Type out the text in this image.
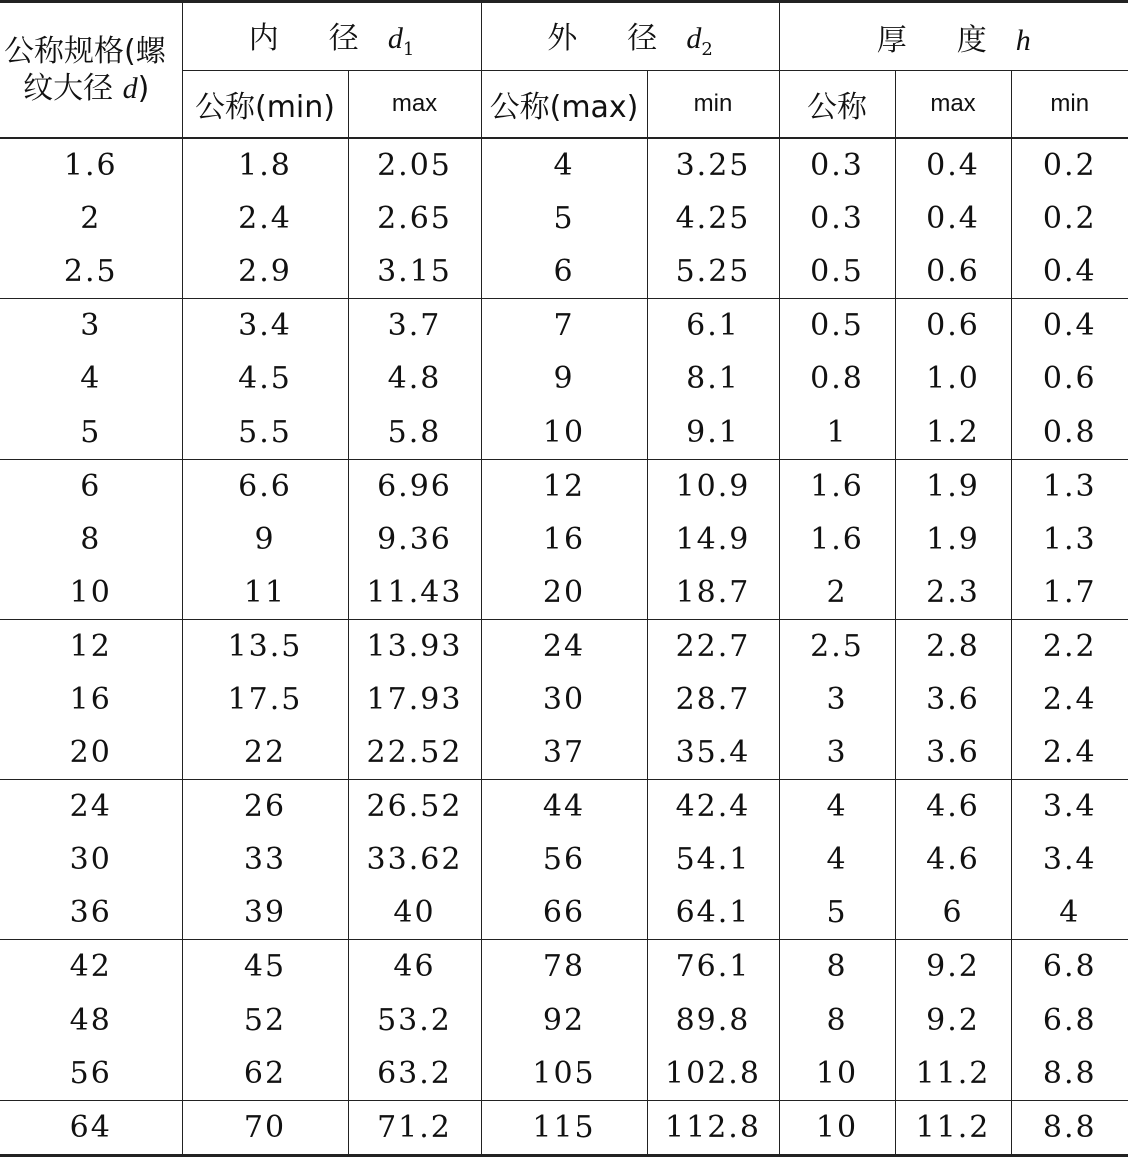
公称规格(螺
纹大径 d)	内　径 $d_1$		外　径 $d_2$		厚　度 h		
	公称(min)	max	公称(max)	min	公称	max	min
1.6	1.8	2.05	4	3.25	0.3	0.4	0.2
2	2.4	2.65	5	4.25	0.3	0.4	0.2
2.5	2.9	3.15	6	5.25	0.5	0.6	0.4
3	3.4	3.7	7	6.1	0.5	0.6	0.4
4	4.5	4.8	9	8.1	0.8	1.0	0.6
5	5.5	5.8	10	9.1	1	1.2	0.8
6	6.6	6.96	12	10.9	1.6	1.9	1.3
8	9	9.36	16	14.9	1.6	1.9	1.3
10	11	11.43	20	18.7	2	2.3	1.7
12	13.5	13.93	24	22.7	2.5	2.8	2.2
16	17.5	17.93	30	28.7	3	3.6	2.4
20	22	22.52	37	35.4	3	3.6	2.4
24	26	26.52	44	42.4	4	4.6	3.4
30	33	33.62	56	54.1	4	4.6	3.4
36	39	40	66	64.1	5	6	4
42	45	46	78	76.1	8	9.2	6.8
48	52	53.2	92	89.8	8	9.2	6.8
56	62	63.2	105	102.8	10	11.2	8.8
64	70	71.2	115	112.8	10	11.2	8.8
